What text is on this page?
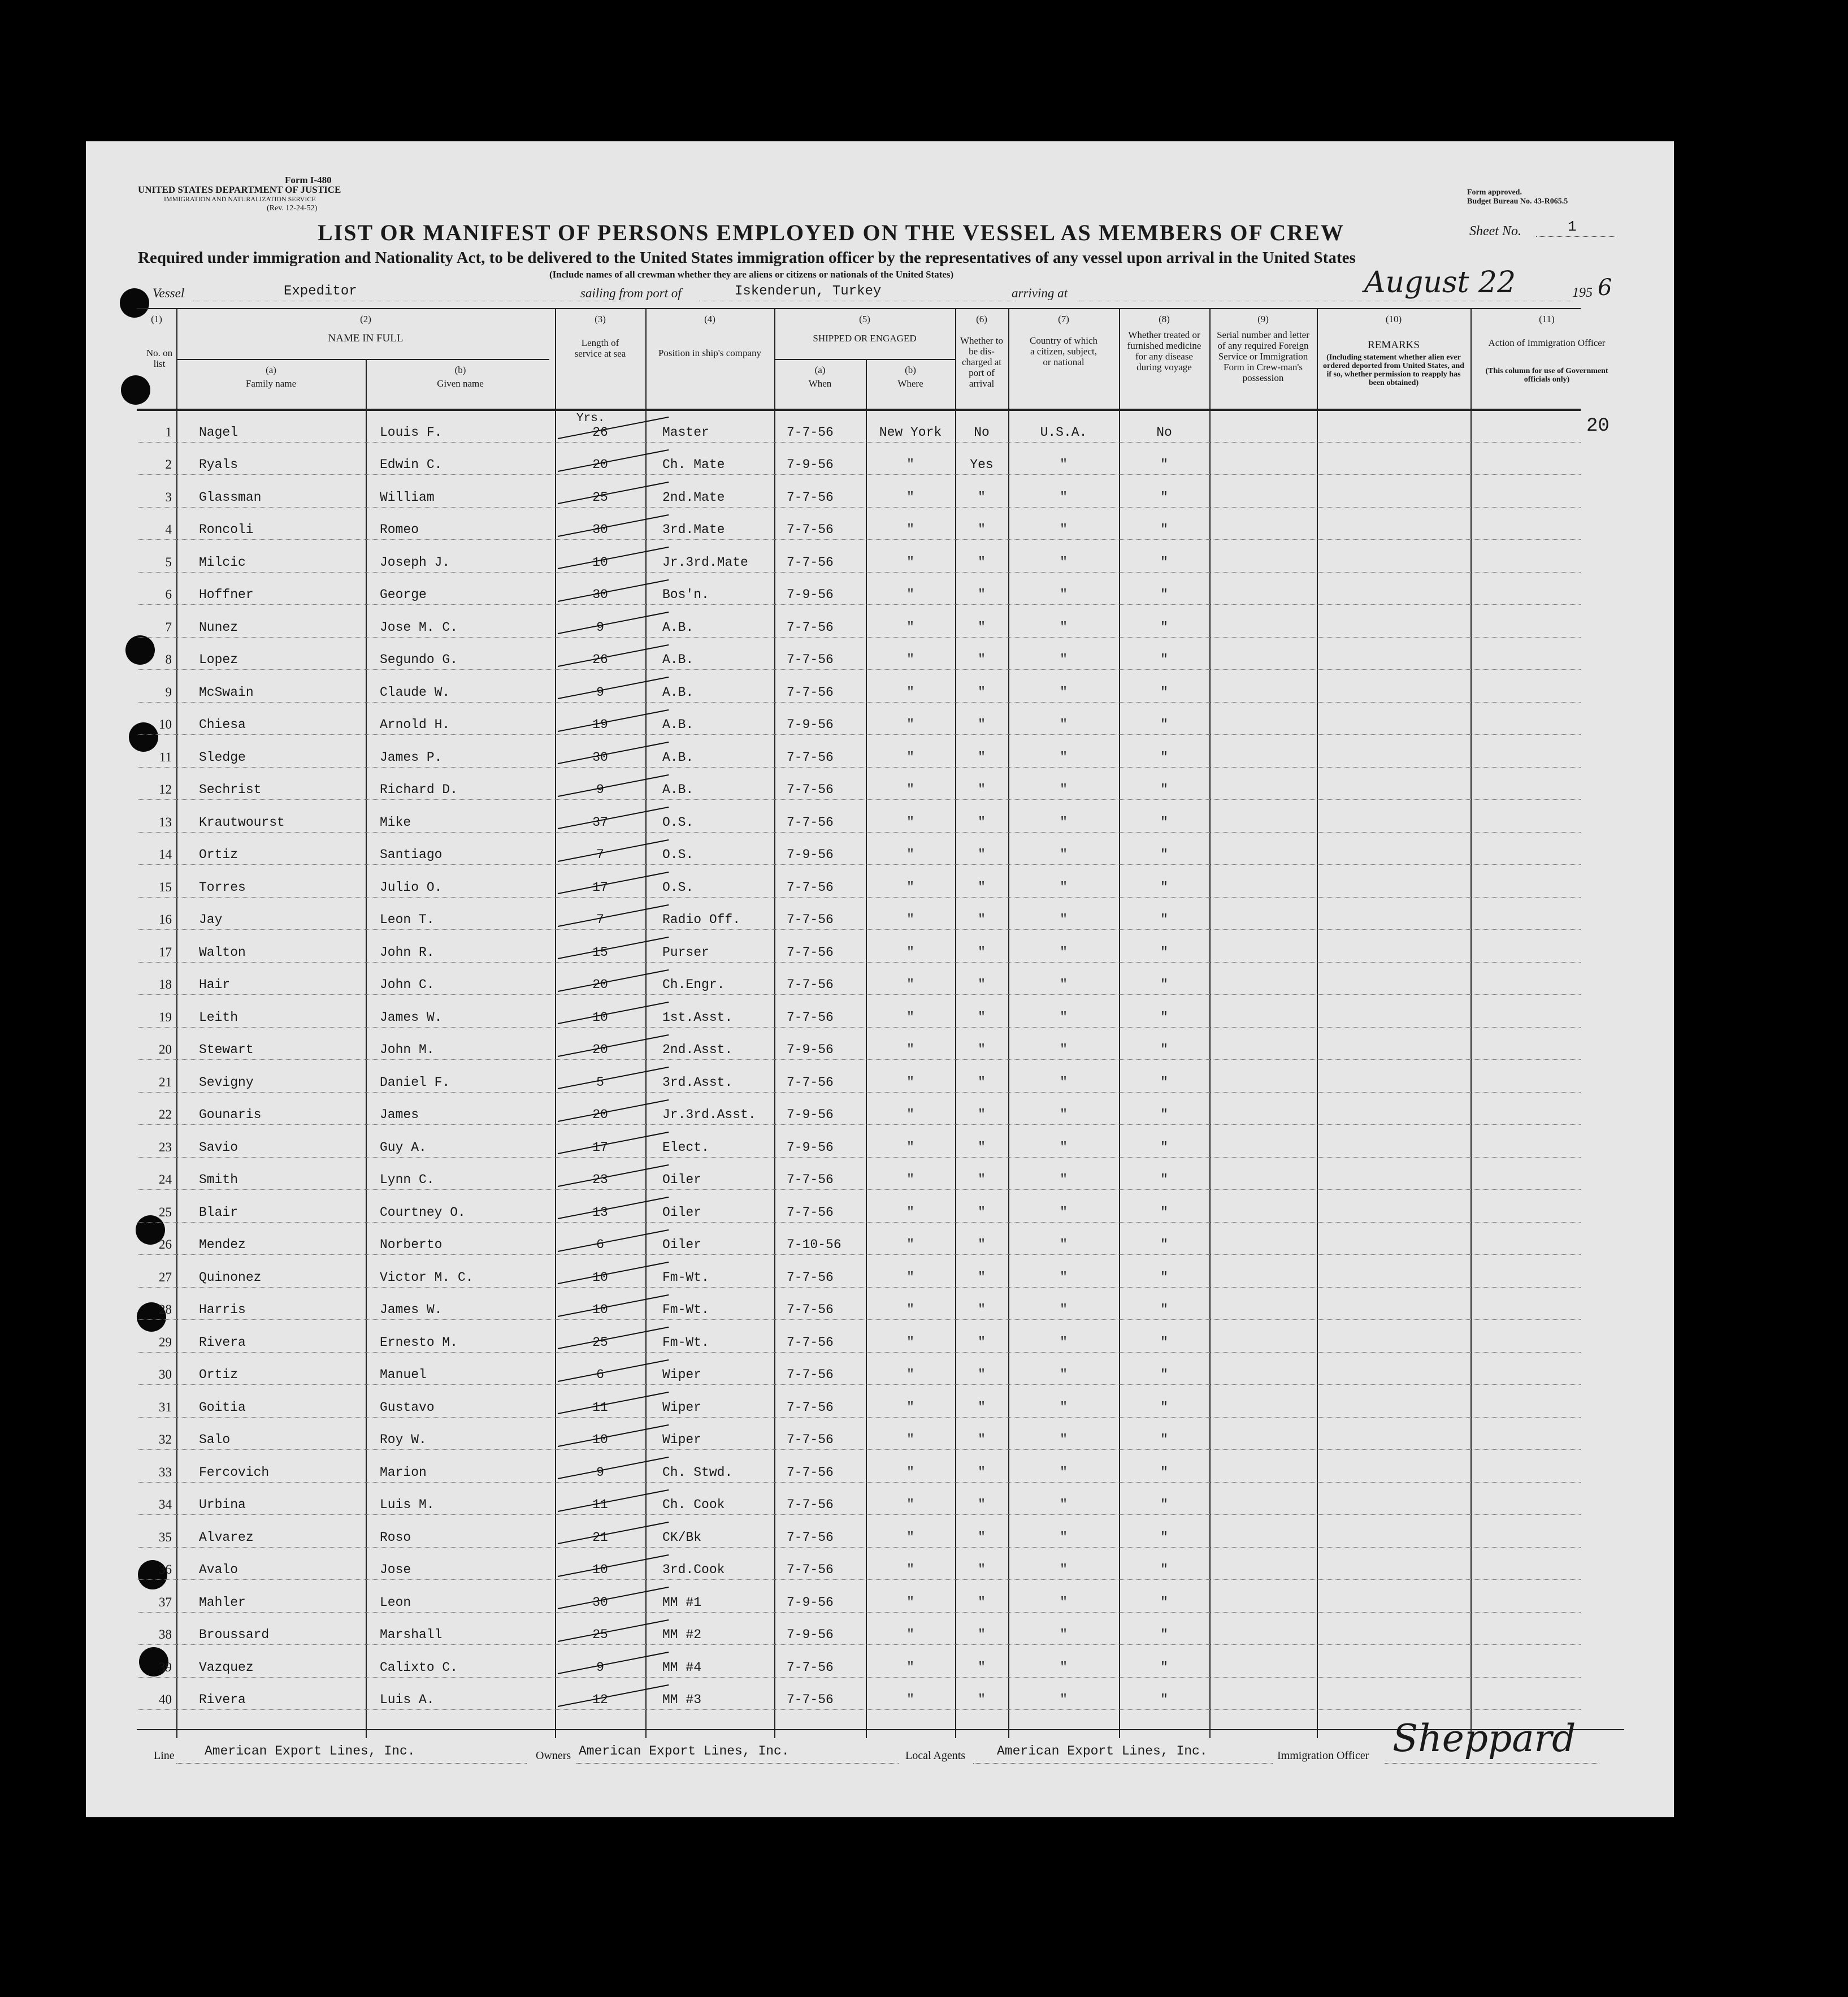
Form I-480
UNITED STATES DEPARTMENT OF JUSTICE
IMMIGRATION AND NATURALIZATION SERVICE
(Rev. 12-24-52)
Form approved.
Budget Bureau No. 43-R065.5
LIST OR MANIFEST OF PERSONS EMPLOYED ON THE VESSEL AS MEMBERS OF CREW	Sheet No.	1
Required under immigration and Nationality Act, to be delivered to the United States immigration officer by the representatives of any vessel upon arrival in the United States
(Include names of all crewman whether they are aliens or citizens or nationals of the United States)
Vessel	Expeditor	sailing from port of	Iskenderun, Turkey	arriving at	August 22	195 6
(1)
No. on list
(2)
NAME IN FULL
(a)
Family name
(b)
Given name
(3)
Length of service at sea
(4)
Position in ship's company
(5)
SHIPPED OR ENGAGED
(a)
When
(b)
Where
(6)
Whether to be dis-charged at port of arrival
(7)
Country of which a citizen, subject, or national
(8)
Whether treated or furnished medicine for any disease during voyage
(9)
Serial number and letter of any required Foreign Service or Immigration Form in Crew-man's possession
(10)
REMARKS
(Including statement whether alien ever ordered deported from United States, and if so, whether permission to reapply has been obtained)
(11)
Action of Immigration Officer
(This column for use of Government officials only)
Yrs.	20
1 Nagel	Louis F.	26	Master	7-7-56	New York	No	U.S.A.	No
2 Ryals	Edwin C.	20	Ch. Mate	7-9-56	"	Yes	"	"
3 Glassman	William	25	2nd.Mate	7-7-56	"	"	"	"
4 Roncoli	Romeo	30	3rd.Mate	7-7-56	"	"	"	"
5 Milcic	Joseph J.	10	Jr.3rd.Mate	7-7-56	"	"	"	"
6 Hoffner	George	30	Bos'n.	7-9-56	"	"	"	"
7 Nunez	Jose M. C.	9	A.B.	7-7-56	"	"	"	"
8 Lopez	Segundo G.	26	A.B.	7-7-56	"	"	"	"
9 McSwain	Claude W.	9	A.B.	7-7-56	"	"	"	"
10 Chiesa	Arnold H.	19	A.B.	7-9-56	"	"	"	"
11 Sledge	James P.	30	A.B.	7-7-56	"	"	"	"
12 Sechrist	Richard D.	9	A.B.	7-7-56	"	"	"	"
13 Krautwourst	Mike	37	O.S.	7-7-56	"	"	"	"
14 Ortiz	Santiago	7	O.S.	7-9-56	"	"	"	"
15 Torres	Julio O.	17	O.S.	7-7-56	"	"	"	"
16 Jay	Leon T.	7	Radio Off.	7-7-56	"	"	"	"
17 Walton	John R.	15	Purser	7-7-56	"	"	"	"
18 Hair	John C.	20	Ch.Engr.	7-7-56	"	"	"	"
19 Leith	James W.	10	1st.Asst.	7-7-56	"	"	"	"
20 Stewart	John M.	20	2nd.Asst.	7-9-56	"	"	"	"
21 Sevigny	Daniel F.	5	3rd.Asst.	7-7-56	"	"	"	"
22 Gounaris	James	20	Jr.3rd.Asst. 7-9-56	"	"	"	"
23 Savio	Guy A.	17	Elect.	7-9-56	"	"	"	"
24 Smith	Lynn C.	23	Oiler	7-7-56	"	"	"	"
25 Blair	Courtney O.	13	Oiler	7-7-56	"	"	"	"
26 Mendez	Norberto	6	Oiler	7-10-56	"	"	"	"
27 Quinonez	Victor M. C.	10	Fm-Wt.	7-7-56	"	"	"	"
28 Harris	James W.	10	Fm-Wt.	7-7-56	"	"	"	"
29 Rivera	Ernesto M.	25	Fm-Wt.	7-7-56	"	"	"	"
30 Ortiz	Manuel	6	Wiper	7-7-56	"	"	"	"
31 Goitia	Gustavo	11	Wiper	7-7-56	"	"	"	"
32 Salo	Roy W.	10	Wiper	7-7-56	"	"	"	"
33 Fercovich	Marion	9	Ch. Stwd.	7-7-56	"	"	"	"
34 Urbina	Luis M.	11	Ch. Cook	7-7-56	"	"	"	"
35 Alvarez	Roso	21	CK/Bk	7-7-56	"	"	"	"
36 Avalo	Jose	10	3rd.Cook	7-7-56	"	"	"	"
37 Mahler	Leon	30	MM #1	7-9-56	"	"	"	"
38 Broussard	Marshall	25	MM #2	7-9-56	"	"	"	"
39 Vazquez	Calixto C.	9	MM #4	7-7-56	"	"	"	"
40 Rivera	Luis A.	12	MM #3	7-7-56	"	"	"	"
Line American Export Lines, Inc.	Owners American Export Lines, Inc.	Local Agents American Export Lines, Inc.	Immigration Officer Sheppard
